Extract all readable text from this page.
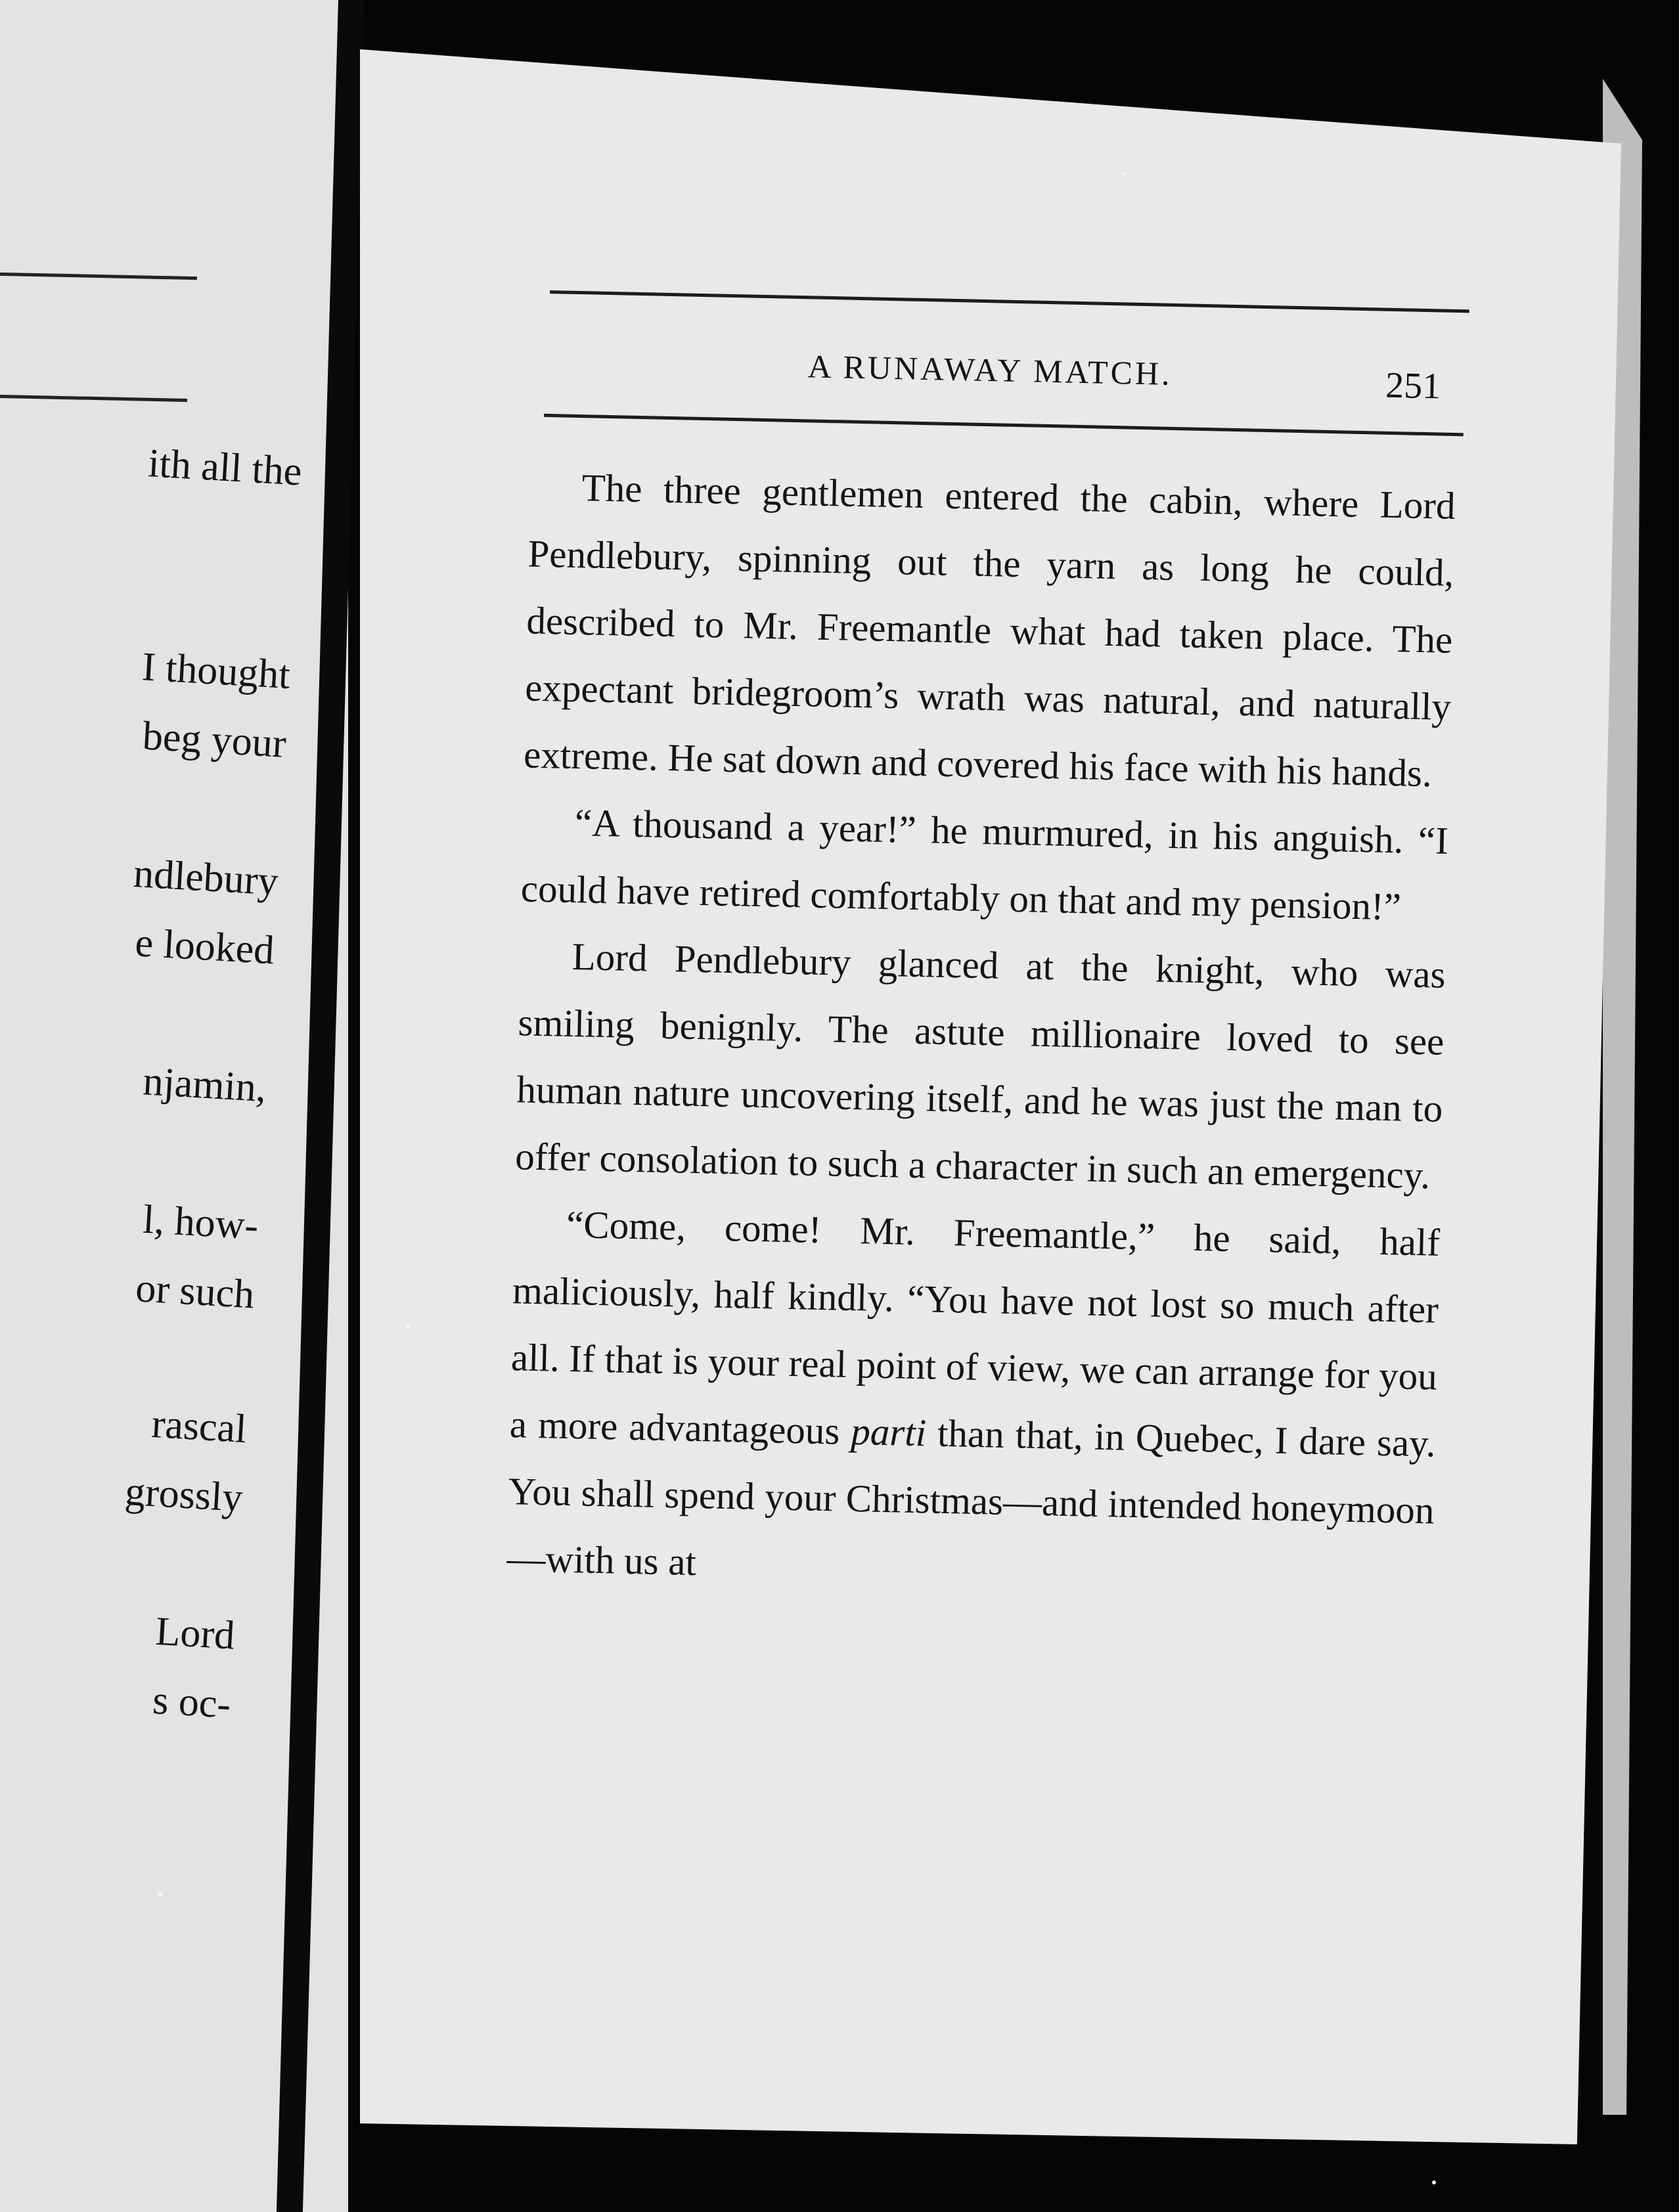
ith all the
I thought
beg your
ndlebury
e looked
njamin,
l, how-
or such
rascal
grossly
Lord
s oc-
A RUNAWAY MATCH.	251

The three gentlemen entered the cabin, where Lord Pendlebury, spinning out the yarn as long he could, described to Mr. Freemantle what had taken place. The expectant bridegroom’s wrath was natural, and naturally extreme. He sat down and covered his face with his hands.

“A thousand a year!” he murmured, in his anguish. “I could have retired comfortably on that and my pension!”

Lord Pendlebury glanced at the knight, who was smiling benignly. The astute millionaire loved to see human nature uncovering itself, and he was just the man to offer consolation to such a character in such an emergency.

“Come, come! Mr. Freemantle,” he said, half maliciously, half kindly. “You have not lost so much after all. If that is your real point of view, we can arrange for you a more advantageous parti than that, in Quebec, I dare say. You shall spend your Christmas—and intended honeymoon—with us at
